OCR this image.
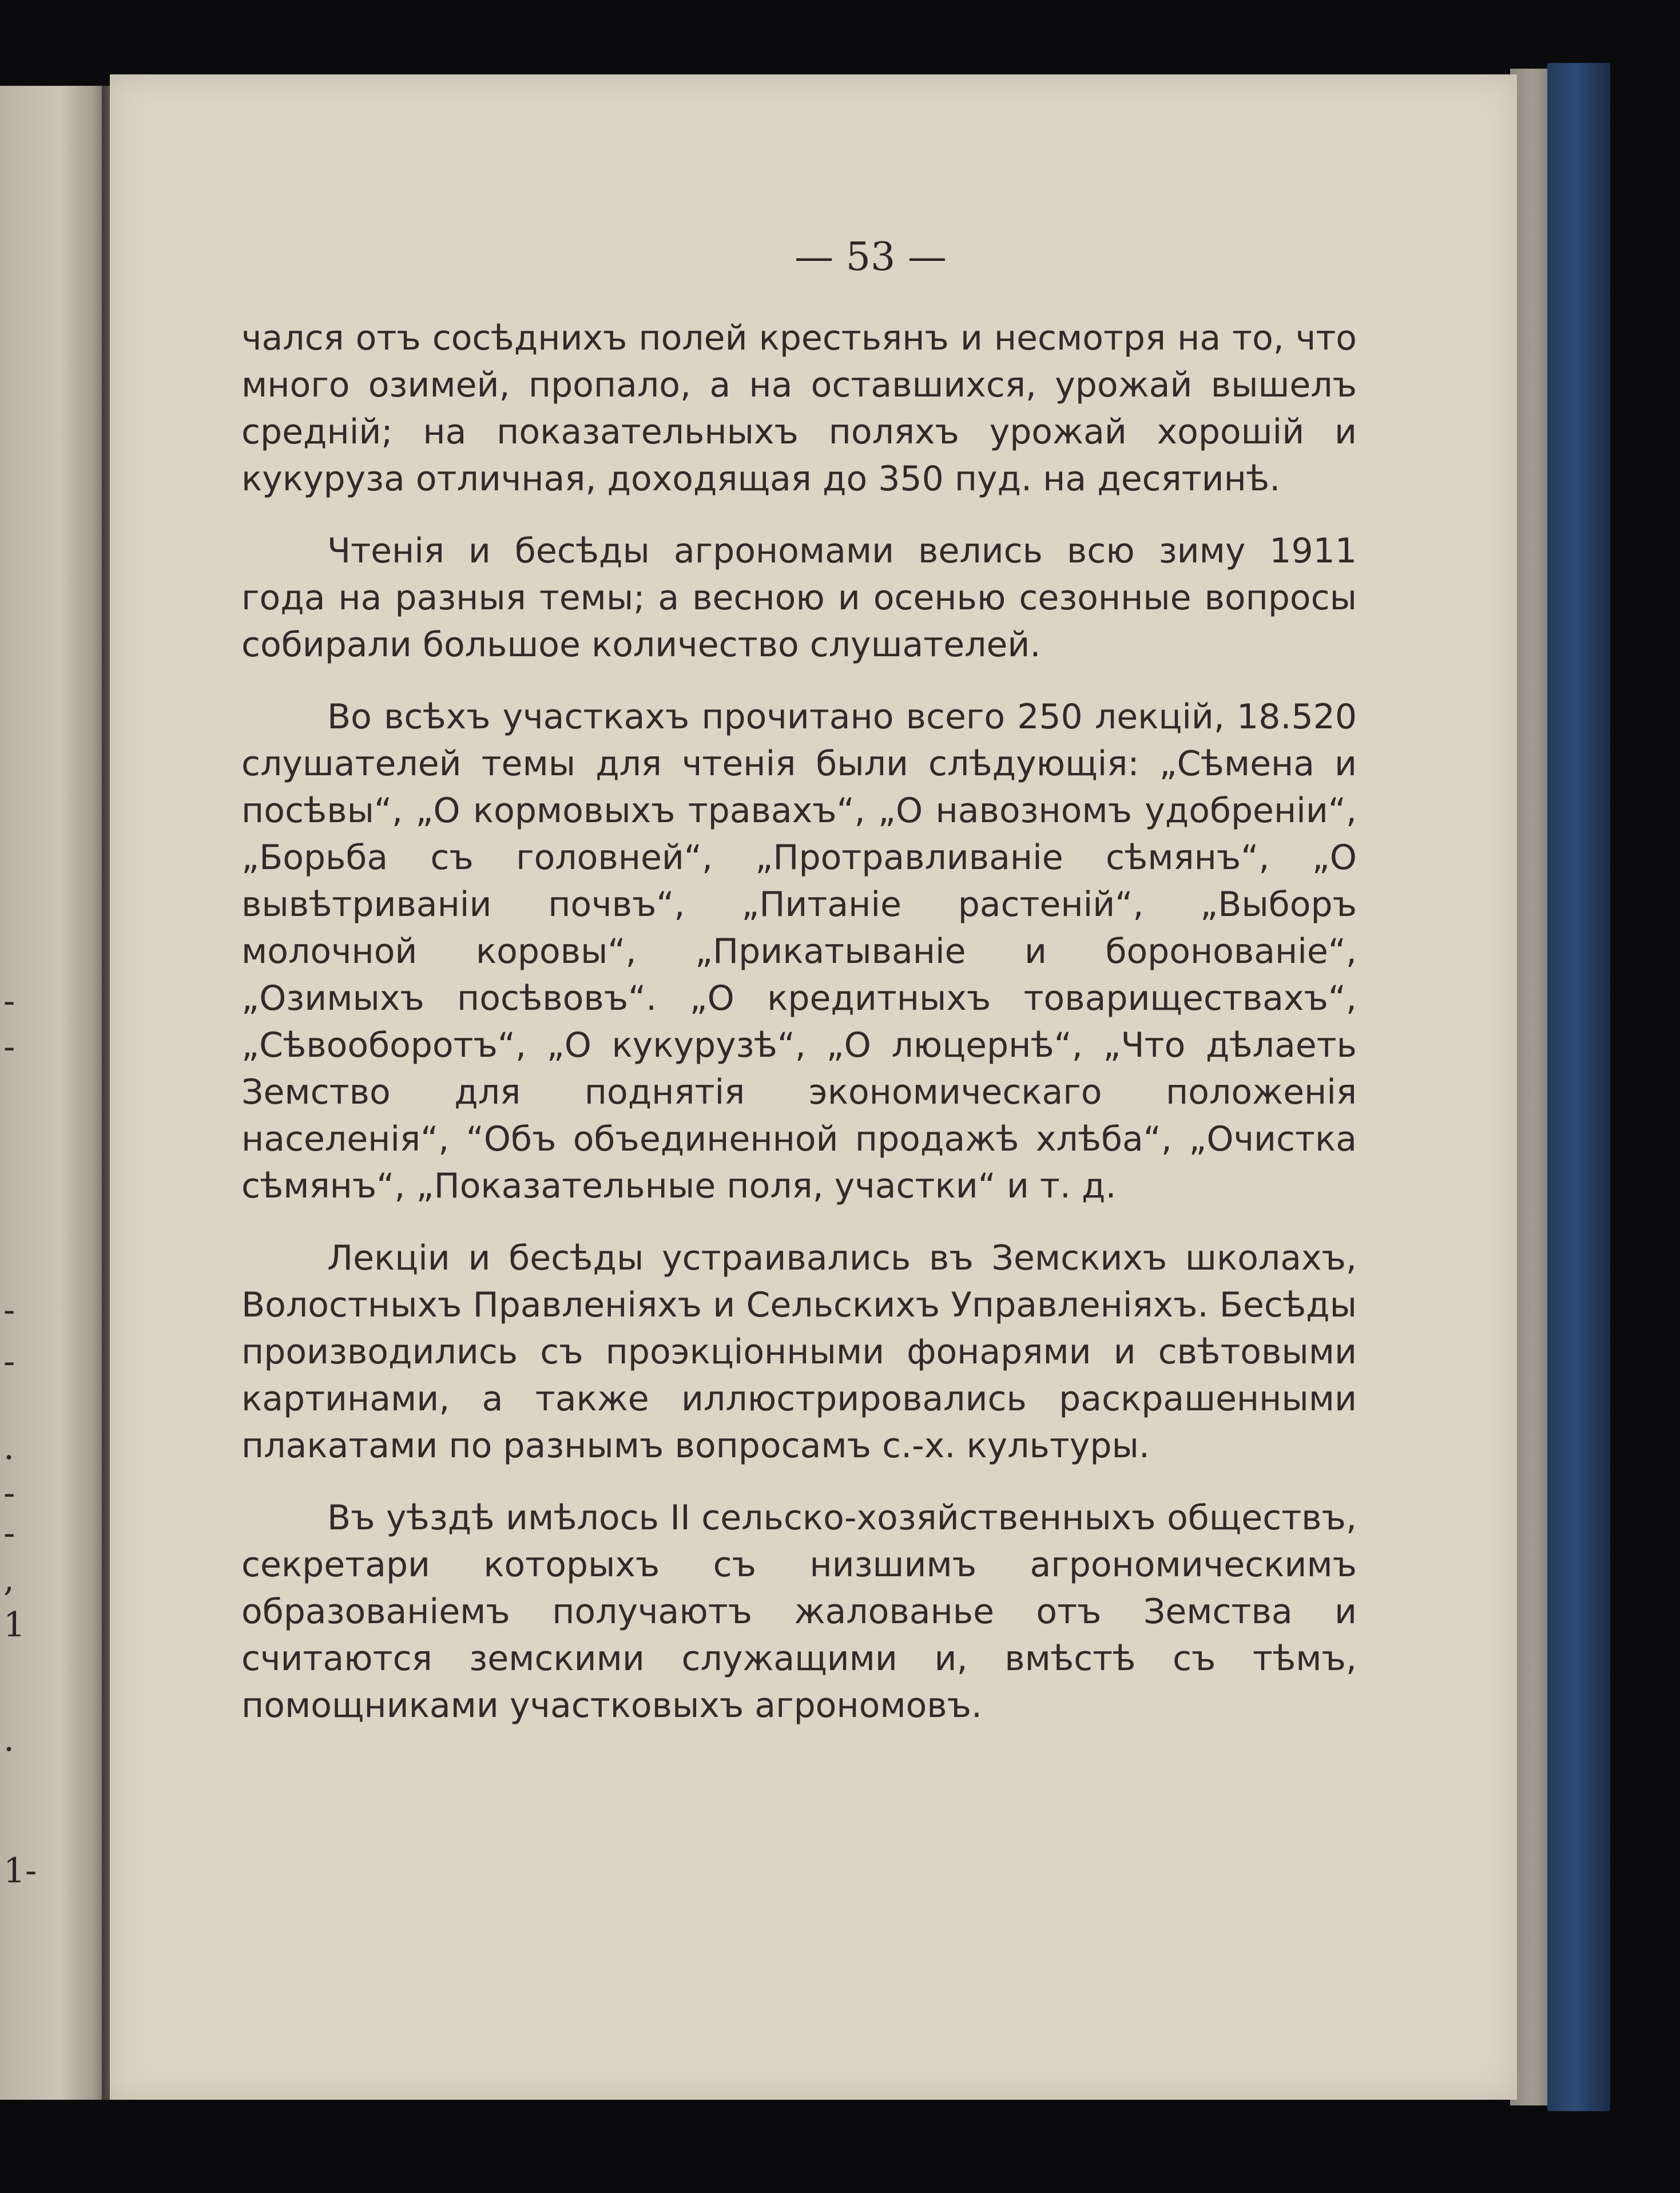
-
-
-
-
.
-
-
,
1
.
1-
— 53 —

чался отъ сосѣднихъ полей крестьянъ и несмотря на то, что много озимей, пропало, а на оставшихся, урожай вышелъ средній; на показательныхъ поляхъ урожай хорошій и кукуруза отличная, доходящая до 350 пуд. на десятинѣ.

Чтенія и бесѣды агрономами велись всю зиму 1911 года на разныя темы; а весною и осенью сезонные вопросы собирали большое количество слушателей.

Во всѣхъ участкахъ прочитано всего 250 лекцій, 18.520 слушателей темы для чтенія были слѣдующія: „Сѣмена и посѣвы“, „О кормовыхъ травахъ“, „О навозномъ удобреніи“, „Борьба съ головней“, „Протравливаніе сѣмянъ“, „О вывѣтриваніи почвъ“, „Питаніе растеній“, „Выборъ молочной коровы“, „Прикатываніе и боронованіе“, „Озимыхъ посѣвовъ“. „О кредитныхъ товариществахъ“, „Сѣвооборотъ“, „О кукурузѣ“, „О люцернѣ“, „Что дѣлаеть Земство для поднятія экономическаго положенія населенія“, “Объ объединенной продажѣ хлѣба“, „Очистка сѣмянъ“, „Показательные поля, участки“ и т. д.

Лекціи и бесѣды устраивались въ Земскихъ школахъ, Волостныхъ Правленіяхъ и Сельскихъ Управленіяхъ. Бесѣды производились съ проэкціонными фонарями и свѣтовыми картинами, а также иллюстрировались раскрашенными плакатами по разнымъ вопросамъ с.-х. культуры.

Въ уѣздѣ имѣлось II сельско-хозяйственныхъ обществъ, секретари которыхъ съ низшимъ агрономическимъ образованіемъ получаютъ жалованье отъ Земства и считаются земскими служащими и, вмѣстѣ съ тѣмъ, помощниками участковыхъ агрономовъ.
